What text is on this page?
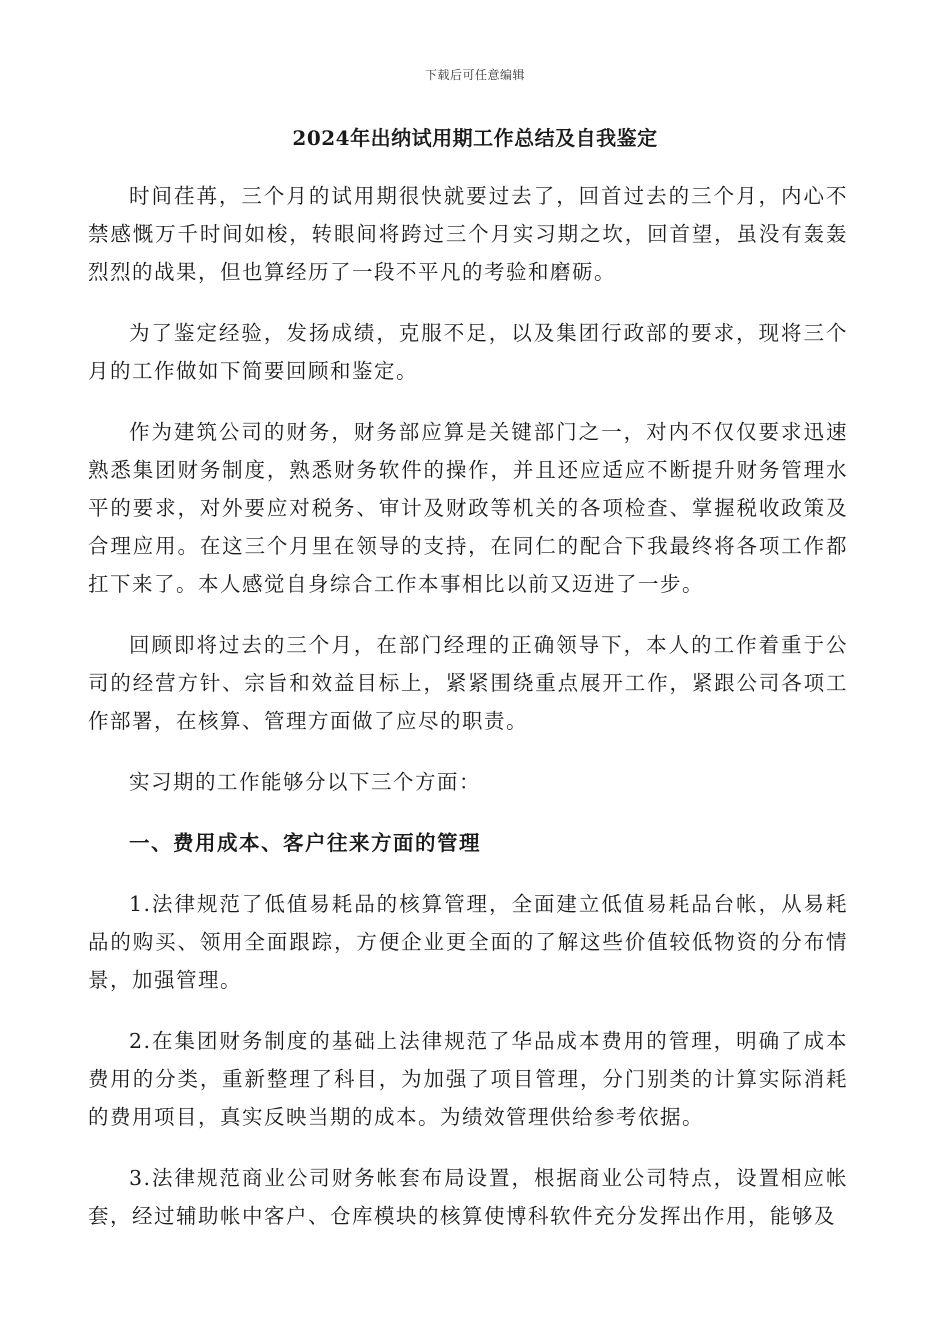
下载后可任意编辑
2024年出纳试用期工作总结及自我鉴定

时间荏苒，三个月的试用期很快就要过去了，回首过去的三个月，内心不禁感慨万千时间如梭，转眼间将跨过三个月实习期之坎，回首望，虽没有轰轰烈烈的战果，但也算经历了一段不平凡的考验和磨砺。

为了鉴定经验，发扬成绩，克服不足，以及集团行政部的要求，现将三个月的工作做如下简要回顾和鉴定。

作为建筑公司的财务，财务部应算是关键部门之一，对内不仅仅要求迅速熟悉集团财务制度，熟悉财务软件的操作，并且还应适应不断提升财务管理水平的要求，对外要应对税务、审计及财政等机关的各项检查、掌握税收政策及合理应用。在这三个月里在领导的支持，在同仁的配合下我最终将各项工作都扛下来了。本人感觉自身综合工作本事相比以前又迈进了一步。

回顾即将过去的三个月，在部门经理的正确领导下，本人的工作着重于公司的经营方针、宗旨和效益目标上，紧紧围绕重点展开工作，紧跟公司各项工作部署，在核算、管理方面做了应尽的职责。

实习期的工作能够分以下三个方面：

一、费用成本、客户往来方面的管理

1.法律规范了低值易耗品的核算管理，全面建立低值易耗品台帐，从易耗品的购买、领用全面跟踪，方便企业更全面的了解这些价值较低物资的分布情景，加强管理。

2.在集团财务制度的基础上法律规范了华品成本费用的管理，明确了成本费用的分类，重新整理了科目，为加强了项目管理，分门别类的计算实际消耗的费用项目，真实反映当期的成本。为绩效管理供给参考依据。

3.法律规范商业公司财务帐套布局设置，根据商业公司特点，设置相应帐套，经过辅助帐中客户、仓库模块的核算使博科软件充分发挥出作用，能够及
